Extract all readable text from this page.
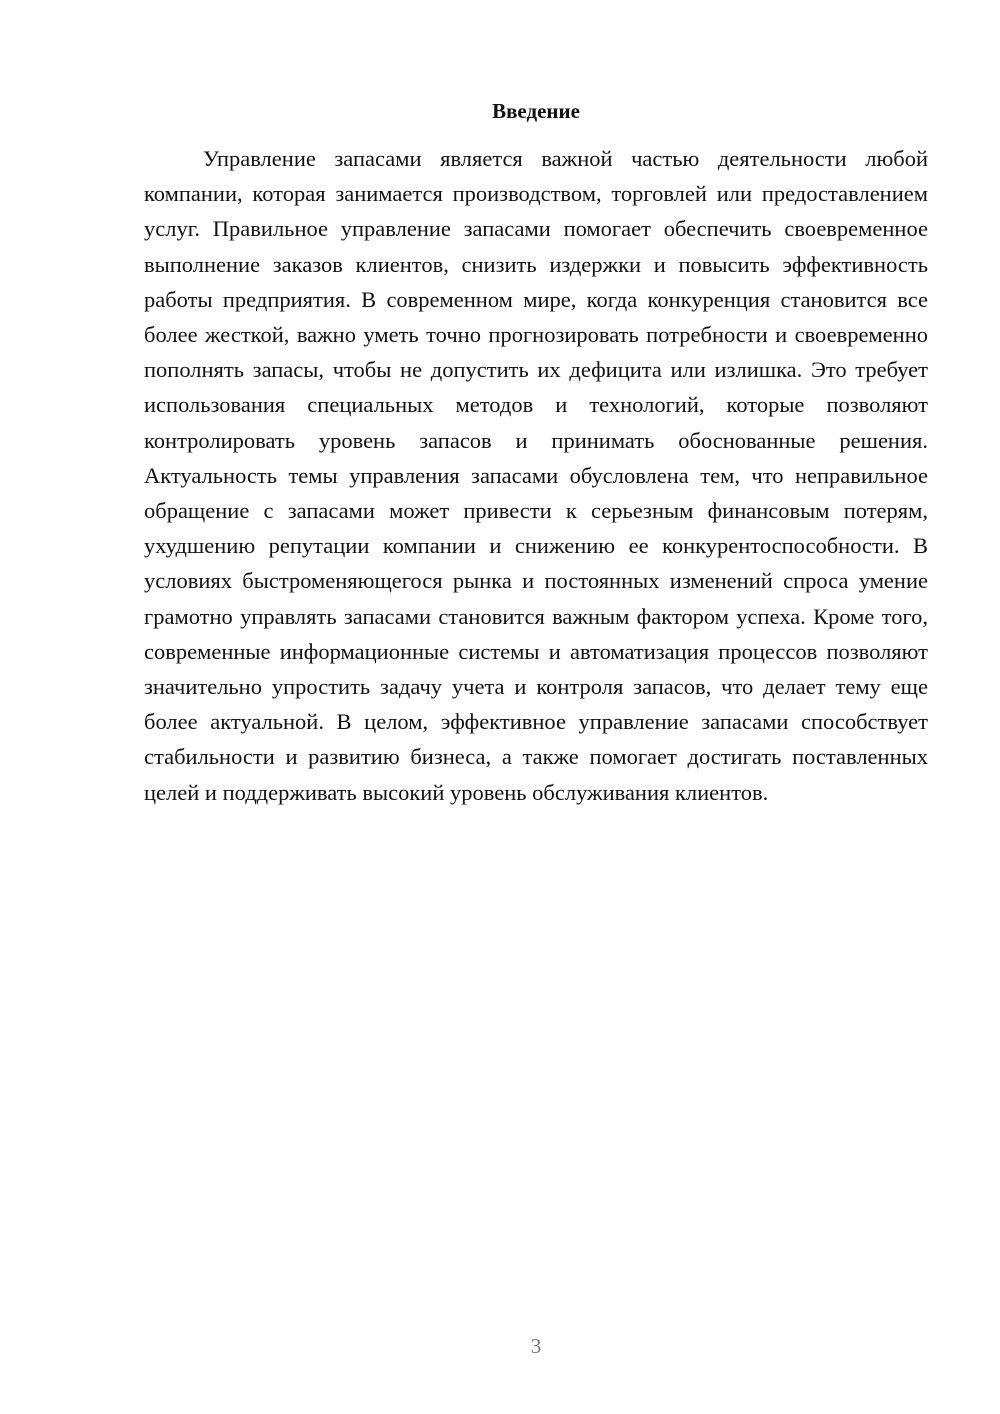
Введение

Управление запасами является важной частью деятельности любой компании, которая занимается производством, торговлей или предоставлением услуг. Правильное управление запасами помогает обеспечить своевременное выполнение заказов клиентов, снизить издержки и повысить эффективность работы предприятия. В современном мире, когда конкуренция становится все более жесткой, важно уметь точно прогнозировать потребности и своевременно пополнять запасы, чтобы не допустить их дефицита или излишка. Это требует использования специальных методов и технологий, которые позволяют контролировать уровень запасов и принимать обоснованные решения. Актуальность темы управления запасами обусловлена тем, что неправильное обращение с запасами может привести к серьезным финансовым потерям, ухудшению репутации компании и снижению ее конкурентоспособности. В условиях быстроменяющегося рынка и постоянных изменений спроса умение грамотно управлять запасами становится важным фактором успеха. Кроме того, современные информационные системы и автоматизация процессов позволяют значительно упростить задачу учета и контроля запасов, что делает тему еще более актуальной. В целом, эффективное управление запасами способствует стабильности и развитию бизнеса, а также помогает достигать поставленных целей и поддерживать высокий уровень обслуживания клиентов.

3
